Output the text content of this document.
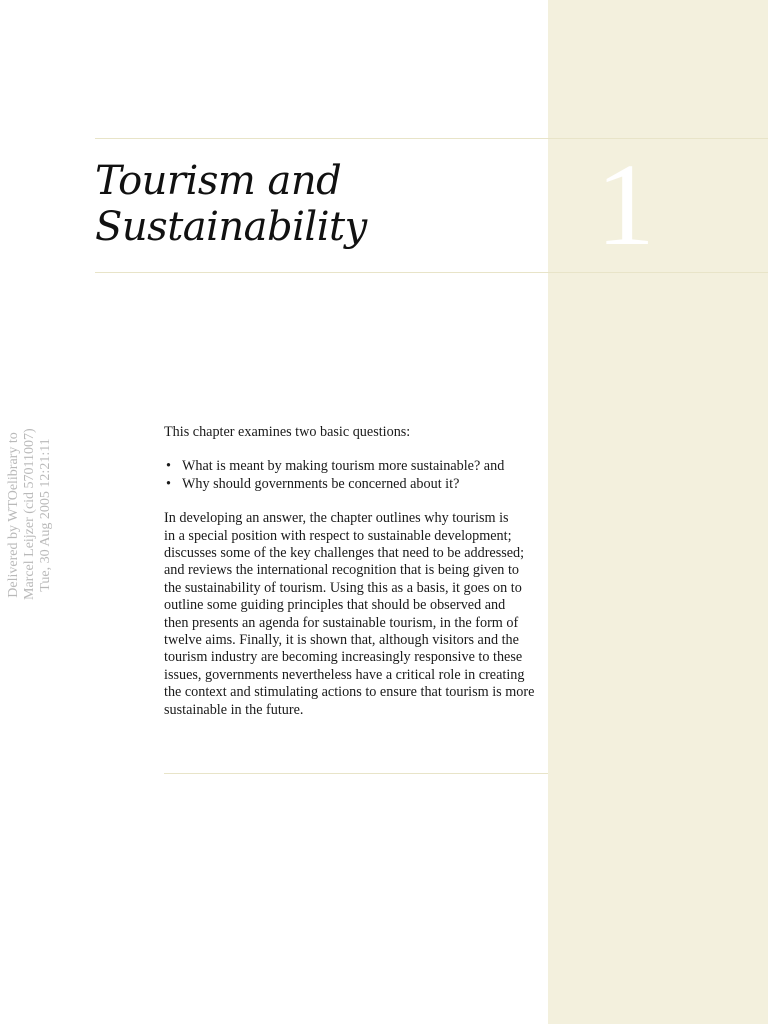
Tourism and
Sustainability	1
Delivered by WTOelibrary to Marcel Leijzer (cid 57011007) Tue, 30 Aug 2005 12:21:11

This chapter examines two basic questions:

• What is meant by making tourism more sustainable? and
• Why should governments be concerned about it?

In developing an answer, the chapter outlines why tourism is
in a special position with respect to sustainable development;
discusses some of the key challenges that need to be addressed;
and reviews the international recognition that is being given to
the sustainability of tourism. Using this as a basis, it goes on to
outline some guiding principles that should be observed and
then presents an agenda for sustainable tourism, in the form of
twelve aims. Finally, it is shown that, although visitors and the
tourism industry are becoming increasingly responsive to these
issues, governments nevertheless have a critical role in creating
the context and stimulating actions to ensure that tourism is more
sustainable in the future.
